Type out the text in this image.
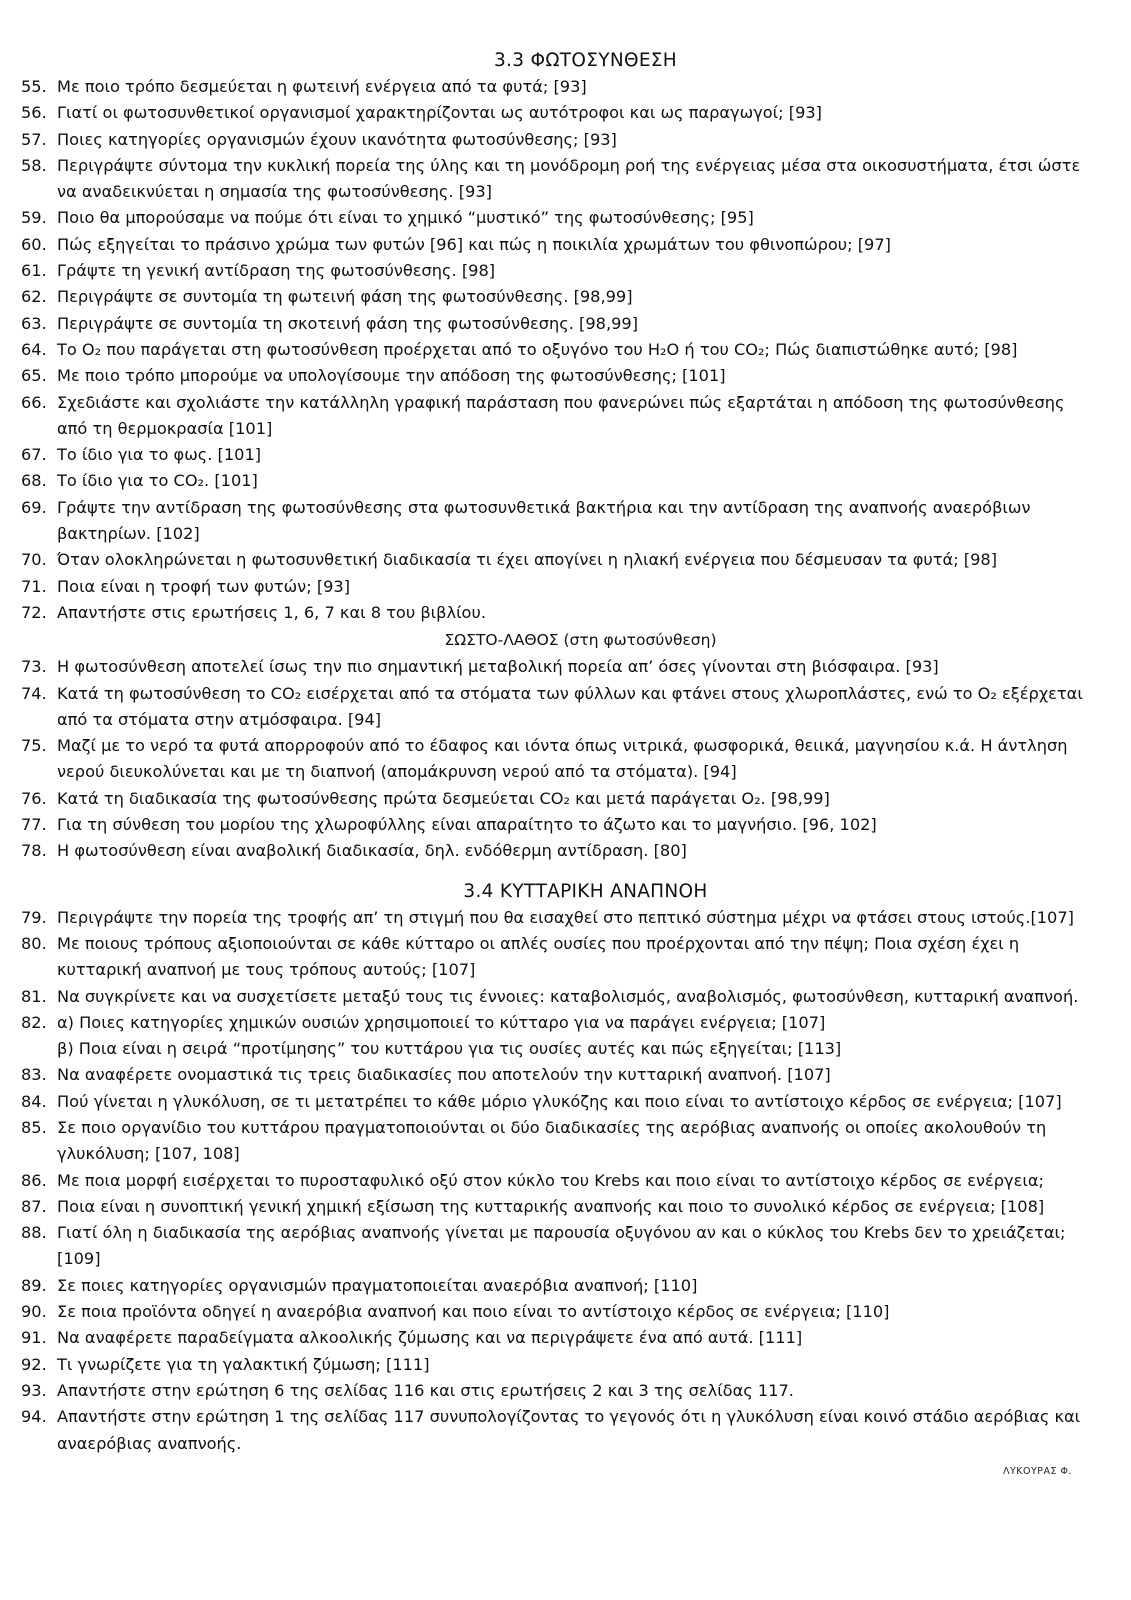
3.3 ΦΩΤΟΣΥΝΘΕΣΗ
55. Με ποιο τρόπο δεσμεύεται η φωτεινή ενέργεια από τα φυτά; [93]
56. Γιατί οι φωτοσυνθετικοί οργανισμοί χαρακτηρίζονται ως αυτότροφοι και ως παραγωγοί; [93]
57. Ποιες κατηγορίες οργανισμών έχουν ικανότητα φωτοσύνθεσης; [93]
58. Περιγράψτε σύντομα την κυκλική πορεία της ύλης και τη μονόδρομη ροή της ενέργειας μέσα στα οικοσυστήματα, έτσι ώστε να αναδεικνύεται η σημασία της φωτοσύνθεσης. [93]
59. Ποιο θα μπορούσαμε να πούμε ότι είναι το χημικό “μυστικό” της φωτοσύνθεσης; [95]
60. Πώς εξηγείται το πράσινο χρώμα των φυτών [96] και πώς η ποικιλία χρωμάτων του φθινοπώρου; [97]
61. Γράψτε τη γενική αντίδραση της φωτοσύνθεσης. [98]
62. Περιγράψτε σε συντομία τη φωτεινή φάση της φωτοσύνθεσης. [98,99]
63. Περιγράψτε σε συντομία τη σκοτεινή φάση της φωτοσύνθεσης. [98,99]
64. Το O₂ που παράγεται στη φωτοσύνθεση προέρχεται από το οξυγόνο του H₂O ή του CO₂; Πώς διαπιστώθηκε αυτό; [98]
65. Με ποιο τρόπο μπορούμε να υπολογίσουμε την απόδοση της φωτοσύνθεσης; [101]
66. Σχεδιάστε και σχολιάστε την κατάλληλη γραφική παράσταση που φανερώνει πώς εξαρτάται η απόδοση της φωτοσύνθεσης από τη θερμοκρασία [101]
67. Το ίδιο για το φως. [101]
68. Το ίδιο για το CO₂. [101]
69. Γράψτε την αντίδραση της φωτοσύνθεσης στα φωτοσυνθετικά βακτήρια και την αντίδραση της αναπνοής αναερόβιων βακτηρίων. [102]
70. Όταν ολοκληρώνεται η φωτοσυνθετική διαδικασία τι έχει απογίνει η ηλιακή ενέργεια που δέσμευσαν τα φυτά; [98]
71. Ποια είναι η τροφή των φυτών; [93]
72. Απαντήστε στις ερωτήσεις 1, 6, 7 και 8 του βιβλίου.
ΣΩΣΤΟ-ΛΑΘΟΣ (στη φωτοσύνθεση)
73. Η φωτοσύνθεση αποτελεί ίσως την πιο σημαντική μεταβολική πορεία απ’ όσες γίνονται στη βιόσφαιρα. [93]
74. Κατά τη φωτοσύνθεση το CO₂ εισέρχεται από τα στόματα των φύλλων και φτάνει στους χλωροπλάστες, ενώ το O₂ εξέρχεται από τα στόματα στην ατμόσφαιρα. [94]
75. Μαζί με το νερό τα φυτά απορροφούν από το έδαφος και ιόντα όπως νιτρικά, φωσφορικά, θειικά, μαγνησίου κ.ά. Η άντληση νερού διευκολύνεται και με τη διαπνοή (απομάκρυνση νερού από τα στόματα). [94]
76. Κατά τη διαδικασία της φωτοσύνθεσης πρώτα δεσμεύεται CO₂ και μετά παράγεται O₂. [98,99]
77. Για τη σύνθεση του μορίου της χλωροφύλλης είναι απαραίτητο το άζωτο και το μαγνήσιο. [96, 102]
78. Η φωτοσύνθεση είναι αναβολική διαδικασία, δηλ. ενδόθερμη αντίδραση. [80]
3.4 ΚΥΤΤΑΡΙΚΗ ΑΝΑΠΝΟΗ
79. Περιγράψτε την πορεία της τροφής απ’ τη στιγμή που θα εισαχθεί στο πεπτικό σύστημα μέχρι να φτάσει στους ιστούς.[107]
80. Με ποιους τρόπους αξιοποιούνται σε κάθε κύτταρο οι απλές ουσίες που προέρχονται από την πέψη; Ποια σχέση έχει η κυτταρική αναπνοή με τους τρόπους αυτούς; [107]
81. Να συγκρίνετε και να συσχετίσετε μεταξύ τους τις έννοιες: καταβολισμός, αναβολισμός, φωτοσύνθεση, κυτταρική αναπνοή.
82. α) Ποιες κατηγορίες χημικών ουσιών χρησιμοποιεί το κύτταρο για να παράγει ενέργεια; [107]
β) Ποια είναι η σειρά “προτίμησης” του κυττάρου για τις ουσίες αυτές και πώς εξηγείται; [113]
83. Να αναφέρετε ονομαστικά τις τρεις διαδικασίες που αποτελούν την κυτταρική αναπνοή. [107]
84. Πού γίνεται η γλυκόλυση, σε τι μετατρέπει το κάθε μόριο γλυκόζης και ποιο είναι το αντίστοιχο κέρδος σε ενέργεια; [107]
85. Σε ποιο οργανίδιο του κυττάρου πραγματοποιούνται οι δύο διαδικασίες της αερόβιας αναπνοής οι οποίες ακολουθούν τη γλυκόλυση; [107, 108]
86. Με ποια μορφή εισέρχεται το πυροσταφυλικό οξύ στον κύκλο του Krebs και ποιο είναι το αντίστοιχο κέρδος σε ενέργεια;
87. Ποια είναι η συνοπτική γενική χημική εξίσωση της κυτταρικής αναπνοής και ποιο το συνολικό κέρδος σε ενέργεια; [108]
88. Γιατί όλη η διαδικασία της αερόβιας αναπνοής γίνεται με παρουσία οξυγόνου αν και ο κύκλος του Krebs δεν το χρειάζεται; [109]
89. Σε ποιες κατηγορίες οργανισμών πραγματοποιείται αναερόβια αναπνοή; [110]
90. Σε ποια προϊόντα οδηγεί η αναερόβια αναπνοή και ποιο είναι το αντίστοιχο κέρδος σε ενέργεια; [110]
91. Να αναφέρετε παραδείγματα αλκοολικής ζύμωσης και να περιγράψετε ένα από αυτά. [111]
92. Τι γνωρίζετε για τη γαλακτική ζύμωση; [111]
93. Απαντήστε στην ερώτηση 6 της σελίδας 116 και στις ερωτήσεις 2 και 3 της σελίδας 117.
94. Απαντήστε στην ερώτηση 1 της σελίδας 117 συνυπολογίζοντας το γεγονός ότι η γλυκόλυση είναι κοινό στάδιο αερόβιας και αναερόβιας αναπνοής.
ΛΥΚΟΥΡΑΣ Φ.
